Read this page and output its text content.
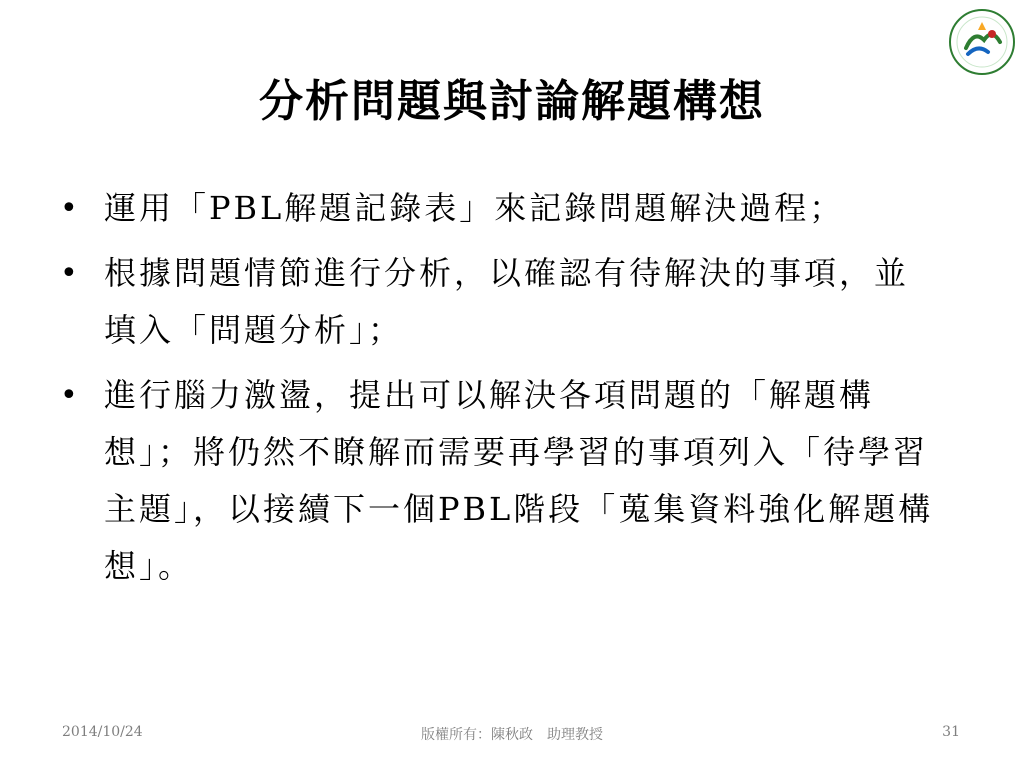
分析問題與討論解題構想
• 運用「PBL解題記錄表」來記錄問題解決過程；
• 根據問題情節進行分析，以確認有待解決的事項，並填入「問題分析」；
• 進行腦力激盪，提出可以解決各項問題的「解題構想」；將仍然不瞭解而需要再學習的事項列入「待學習主題」，以接續下一個PBL階段「蒐集資料強化解題構想」。
2014/10/24	版權所有：陳秋政　助理教授	31
